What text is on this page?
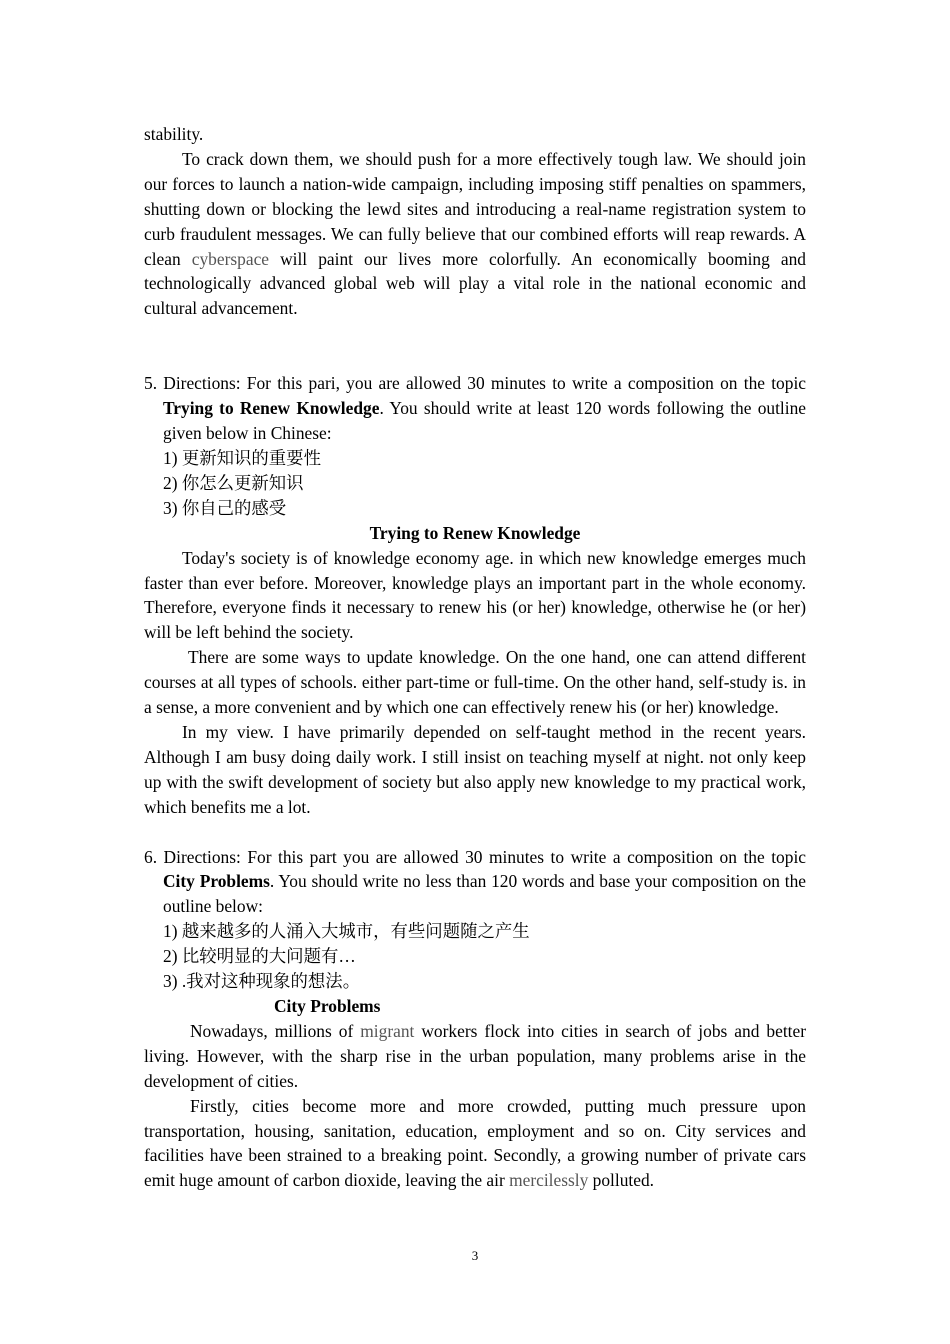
stability.

To crack down them, we should push for a more effectively tough law. We should join our forces to launch a nation-wide campaign, including imposing stiff penalties on spammers, shutting down or blocking the lewd sites and introducing a real-name registration system to curb fraudulent messages. We can fully believe that our combined efforts will reap rewards. A clean cyberspace will paint our lives more colorfully. An economically booming and technologically advanced global web will play a vital role in the national economic and cultural advancement.

5. Directions: For this pari, you are allowed 30 minutes to write a composition on the topic Trying to Renew Knowledge. You should write at least 120 words following the outline given below in Chinese:

1) 更新知识的重要性

2) 你怎么更新知识

3) 你自己的感受

Trying to Renew Knowledge

Today's society is of knowledge economy age. in which new knowledge emerges much faster than ever before. Moreover, knowledge plays an important part in the whole economy. Therefore, everyone finds it necessary to renew his (or her) knowledge, otherwise he (or her) will be left behind the society.

There are some ways to update knowledge. On the one hand, one can attend different courses at all types of schools. either part-time or full-time. On the other hand, self-study is. in a sense, a more convenient and by which one can effectively renew his (or her) knowledge.

In my view. I have primarily depended on self-taught method in the recent years. Although I am busy doing daily work. I still insist on teaching myself at night. not only keep up with the swift development of society but also apply new knowledge to my practical work, which benefits me a lot.

6. Directions: For this part you are allowed 30 minutes to write a composition on the topic City Problems. You should write no less than 120 words and base your composition on the outline below:

1) 越来越多的人涌入大城市，有些问题随之产生

2) 比较明显的大问题有…

3) .我对这种现象的想法。

City Problems

Nowadays, millions of migrant workers flock into cities in search of jobs and better living. However, with the sharp rise in the urban population, many problems arise in the development of cities.

Firstly, cities become more and more crowded, putting much pressure upon transportation, housing, sanitation, education, employment and so on. City services and facilities have been strained to a breaking point. Secondly, a growing number of private cars emit huge amount of carbon dioxide, leaving the air mercilessly polluted.

3
